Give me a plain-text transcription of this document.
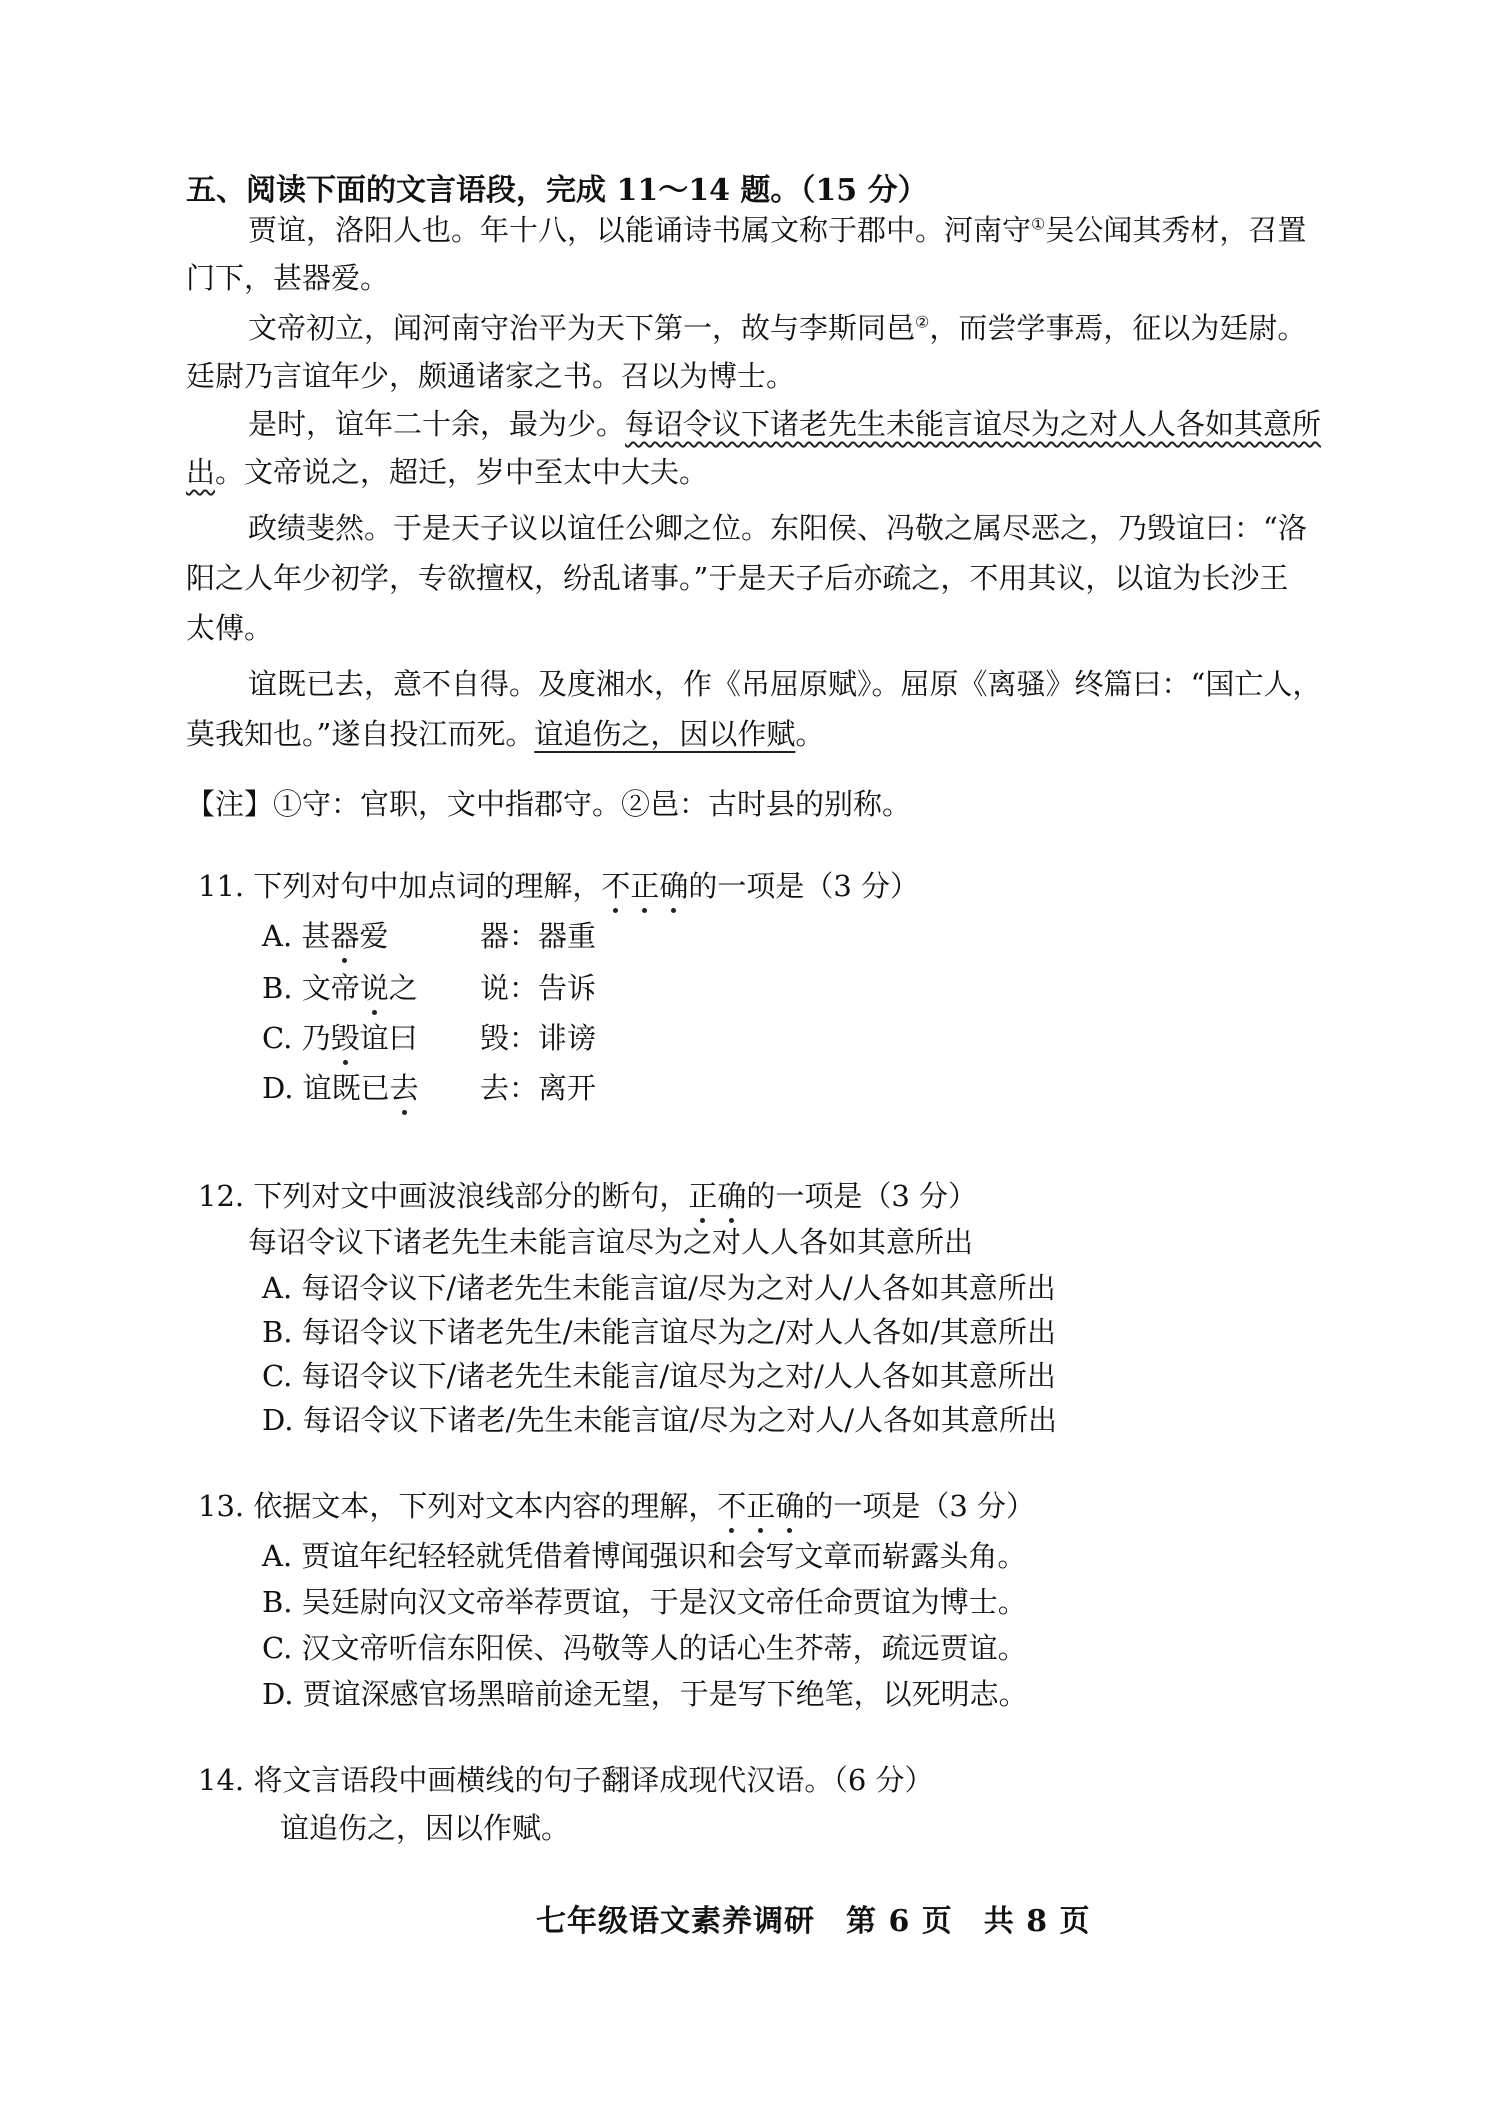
五、阅读下面的文言语段，完成 11～14 题。（15 分）
贾谊，洛阳人也。年十八，以能诵诗书属文称于郡中。河南守①吴公闻其秀材，召置
门下，甚器爱。
文帝初立，闻河南守治平为天下第一，故与李斯同邑②，而尝学事焉，征以为廷尉。
廷尉乃言谊年少，颇通诸家之书。召以为博士。
是时，谊年二十余，最为少。每诏令议下诸老先生未能言谊尽为之对人人各如其意所
出。文帝说之，超迁，岁中至太中大夫。
政绩斐然。于是天子议以谊任公卿之位。东阳侯、冯敬之属尽恶之，乃毁谊曰：“洛
阳之人年少初学，专欲擅权，纷乱诸事。”于是天子后亦疏之，不用其议，以谊为长沙王
太傅。
谊既已去，意不自得。及度湘水，作《吊屈原赋》。屈原《离骚》终篇曰：“国亡人，
莫我知也。”遂自投江而死。谊追伤之，因以作赋。
【注】①守：官职，文中指郡守。②邑：古时县的别称。
11. 下列对句中加点词的理解，不正确的一项是（3 分）
A. 甚器爱	器：器重
B. 文帝说之 说：告诉
C. 乃毁谊曰 毁：诽谤
D. 谊既已去 去：离开
12. 下列对文中画波浪线部分的断句，正确的一项是（3 分）
每诏令议下诸老先生未能言谊尽为之对人人各如其意所出
A. 每诏令议下/诸老先生未能言谊/尽为之对人/人各如其意所出
B. 每诏令议下诸老先生/未能言谊尽为之/对人人各如/其意所出
C. 每诏令议下/诸老先生未能言/谊尽为之对/人人各如其意所出
D. 每诏令议下诸老/先生未能言谊/尽为之对人/人各如其意所出
13. 依据文本，下列对文本内容的理解，不正确的一项是（3 分）
A. 贾谊年纪轻轻就凭借着博闻强识和会写文章而崭露头角。
B. 吴廷尉向汉文帝举荐贾谊，于是汉文帝任命贾谊为博士。
C. 汉文帝听信东阳侯、冯敬等人的话心生芥蒂，疏远贾谊。
D. 贾谊深感官场黑暗前途无望，于是写下绝笔，以死明志。
14. 将文言语段中画横线的句子翻译成现代汉语。（6 分）
谊追伤之，因以作赋。
七年级语文素养调研　第 6 页　共 8 页
